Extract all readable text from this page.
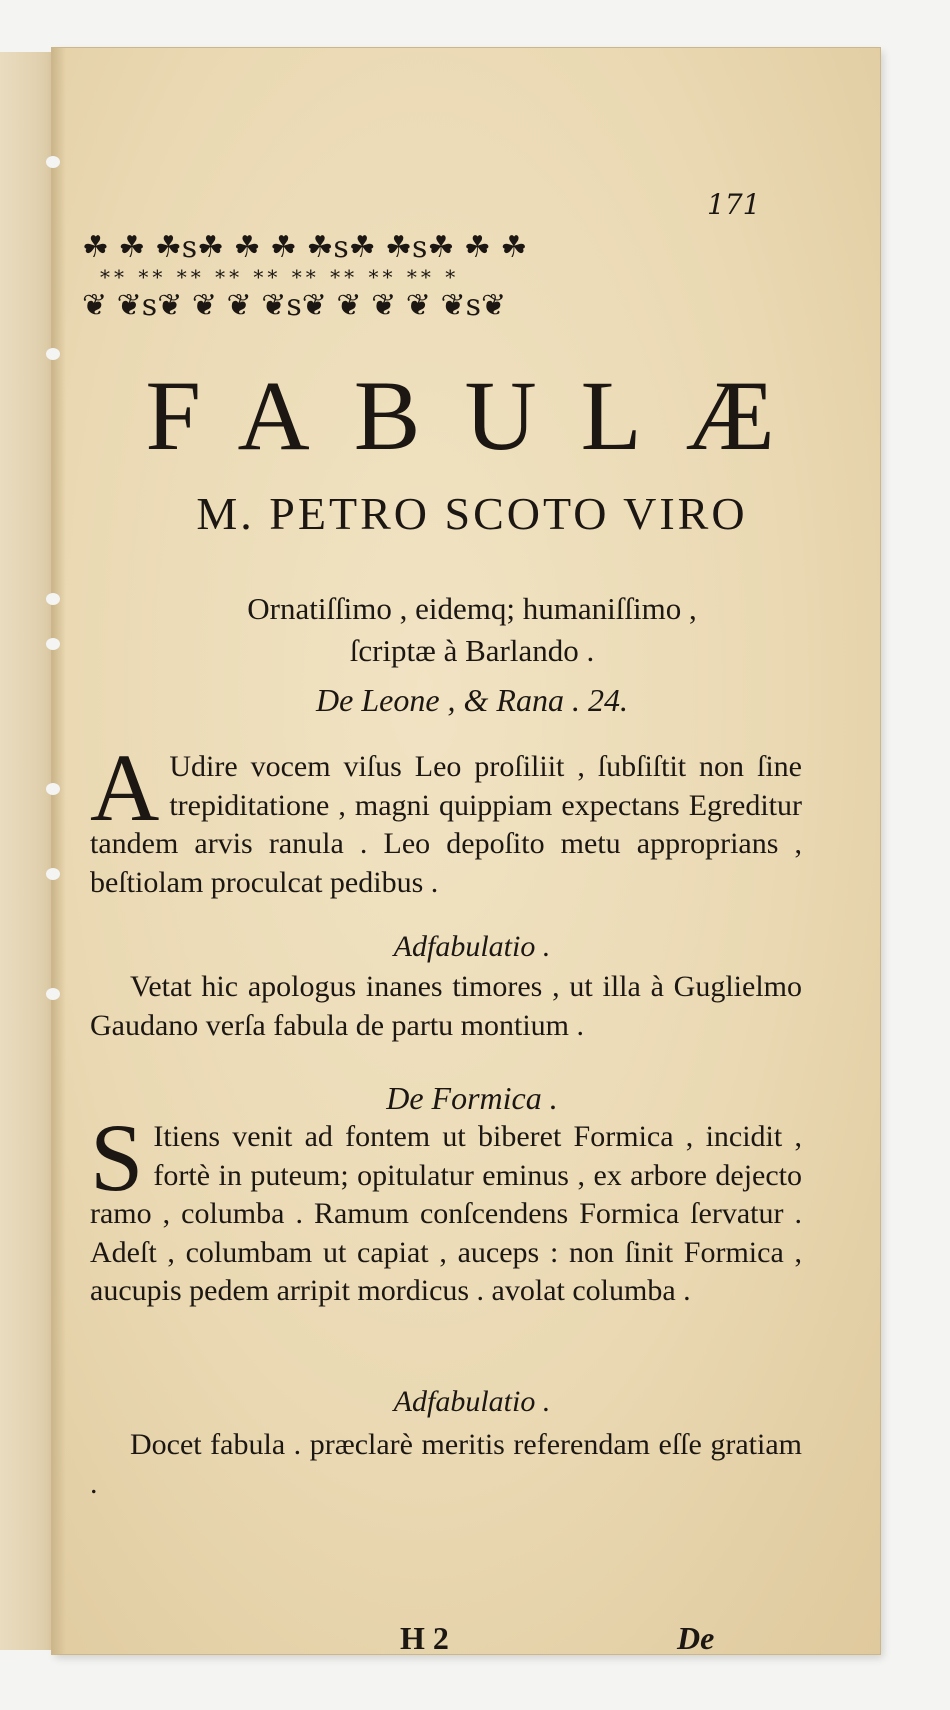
171
☘ ☘ ☘s☘ ☘ ☘ ☘s☘ ☘s☘ ☘ ☘
** ** ** ** ** ** ** ** ** *
❦ ❦s❦ ❦ ❦ ❦s❦ ❦ ❦ ❦ ❦s❦
FABULÆ
M. PETRO SCOTO VIRO
Ornatiſſimo , eidemq; humaniſſimo ,
ſcriptæ à Barlando .
De Leone , & Rana . 24.
A Udire vocem viſus Leo proſiliit , ſubſiſtit non ſine trepiditatione , magni quippiam expectans Egreditur tandem arvis ranula . Leo depoſito metu approprians , beſtiolam proculcat pedibus .
Adfabulatio .
Vetat hic apologus inanes timores , ut illa à Guglielmo Gaudano verſa fabula de partu montium .
De Formica .
S Itiens venit ad fontem ut biberet Formica , incidit , fortè in puteum; opitulatur eminus , ex arbore dejecto ramo , columba . Ramum conſcendens Formica ſervatur . Adeſt , columbam ut capiat , auceps : non ſinit Formica , aucupis pedem arripit mordicus . avolat columba .
Adfabulatio .
Docet fabula . præclarè meritis referendam eſſe gratiam .
H 2	De
